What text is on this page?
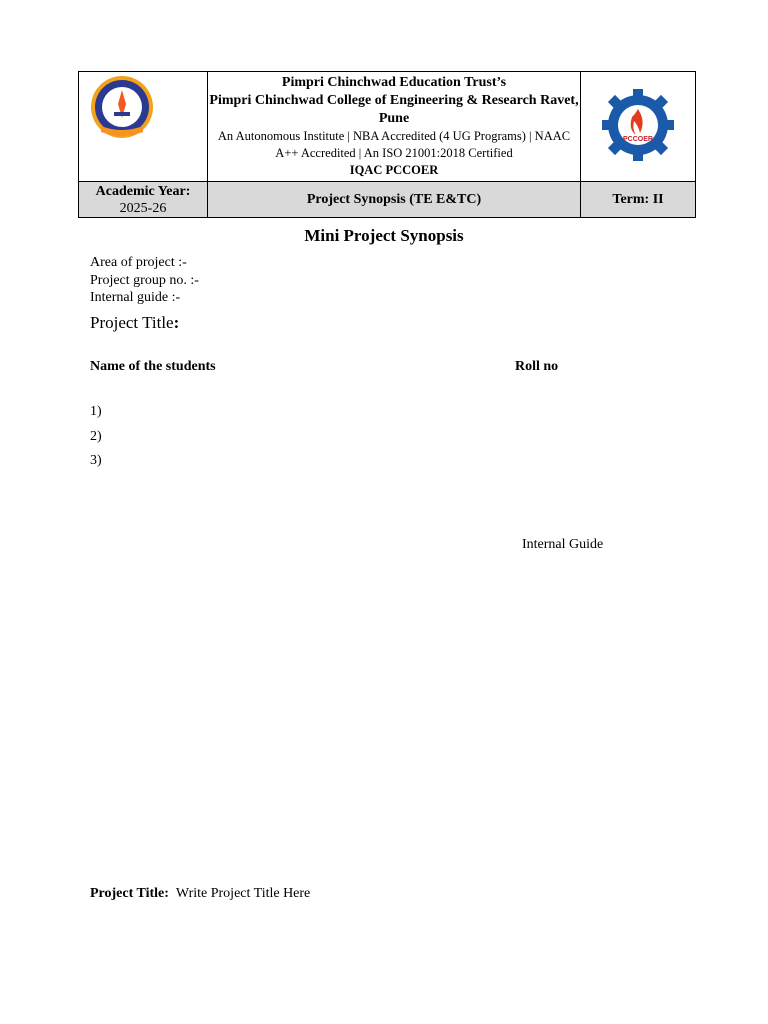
Pimpri Chinchwad Education Trust’s
Pimpri Chinchwad College of Engineering & Research Ravet, Pune
An Autonomous Institute | NBA Accredited (4 UG Programs) | NAAC A++ Accredited | An ISO 21001:2018 Certified
IQAC PCCOER	PCCOER

Academic Year:
2025-26	Project Synopsis (TE E&TC)	Term: II
Mini Project Synopsis
Area of project :-
Project group no. :-
Internal guide :-
Project Title:
Name of the students	Roll no
1)
2)
3)
Internal Guide
Project Title: Write Project Title Here
